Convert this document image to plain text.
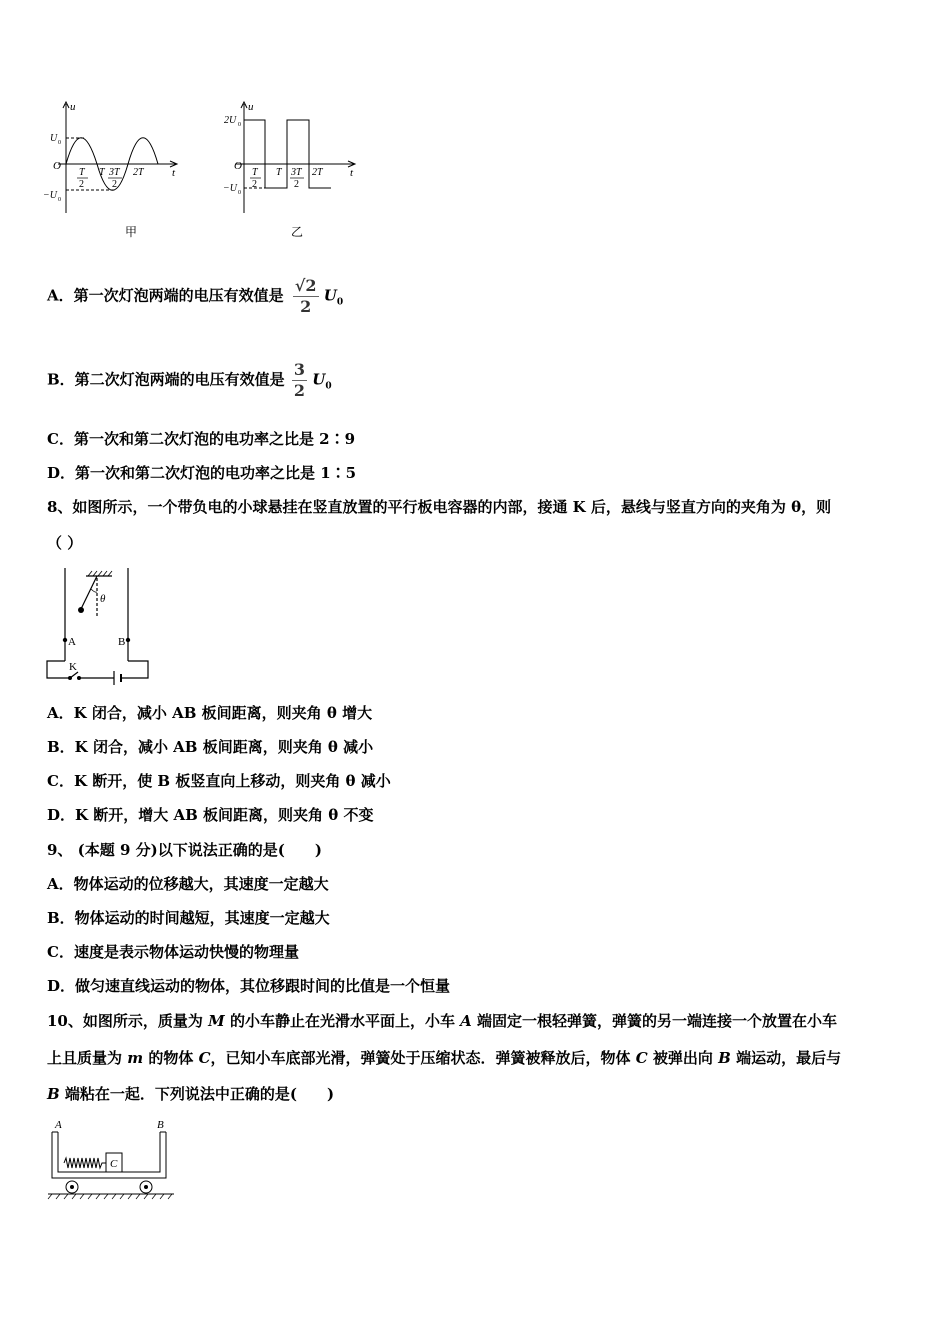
u
t
O
U 0
−U 0
T
2
T 3T
2
2T
甲
u
t
O
2U 0
−U 0
T
2
T 3T
2
2T
乙
A．第一次灯泡两端的电压有效值是 $\frac{√2}{2} U_0$
B．第二次灯泡两端的电压有效值是 $\frac{3}{2} U_0$
C．第一次和第二次灯泡的电功率之比是 2∶9
D．第一次和第二次灯泡的电功率之比是 1∶5
8、如图所示，一个带负电的小球悬挂在竖直放置的平行板电容器的内部，接通 K 后，悬线与竖直方向的夹角为 θ，则
（ ）
θ
A	B
K
A．K 闭合，减小 AB 板间距离，则夹角 θ 增大
B．K 闭合，减小 AB 板间距离，则夹角 θ 减小
C．K 断开，使 B 板竖直向上移动，则夹角 θ 减小
D．K 断开，增大 AB 板间距离，则夹角 θ 不变
9、 (本题 9 分)以下说法正确的是(　　)
A．物体运动的位移越大，其速度一定越大
B．物体运动的时间越短，其速度一定越大
C．速度是表示物体运动快慢的物理量
D．做匀速直线运动的物体，其位移跟时间的比值是一个恒量
10、如图所示，质量为 M 的小车静止在光滑水平面上，小车 A 端固定一根轻弹簧，弹簧的另一端连接一个放置在小车
上且质量为 m 的物体 C，已知小车底部光滑，弹簧处于压缩状态．弹簧被释放后，物体 C 被弹出向 B 端运动，最后与
B 端粘在一起．下列说法中正确的是(　　)
A	B
C
